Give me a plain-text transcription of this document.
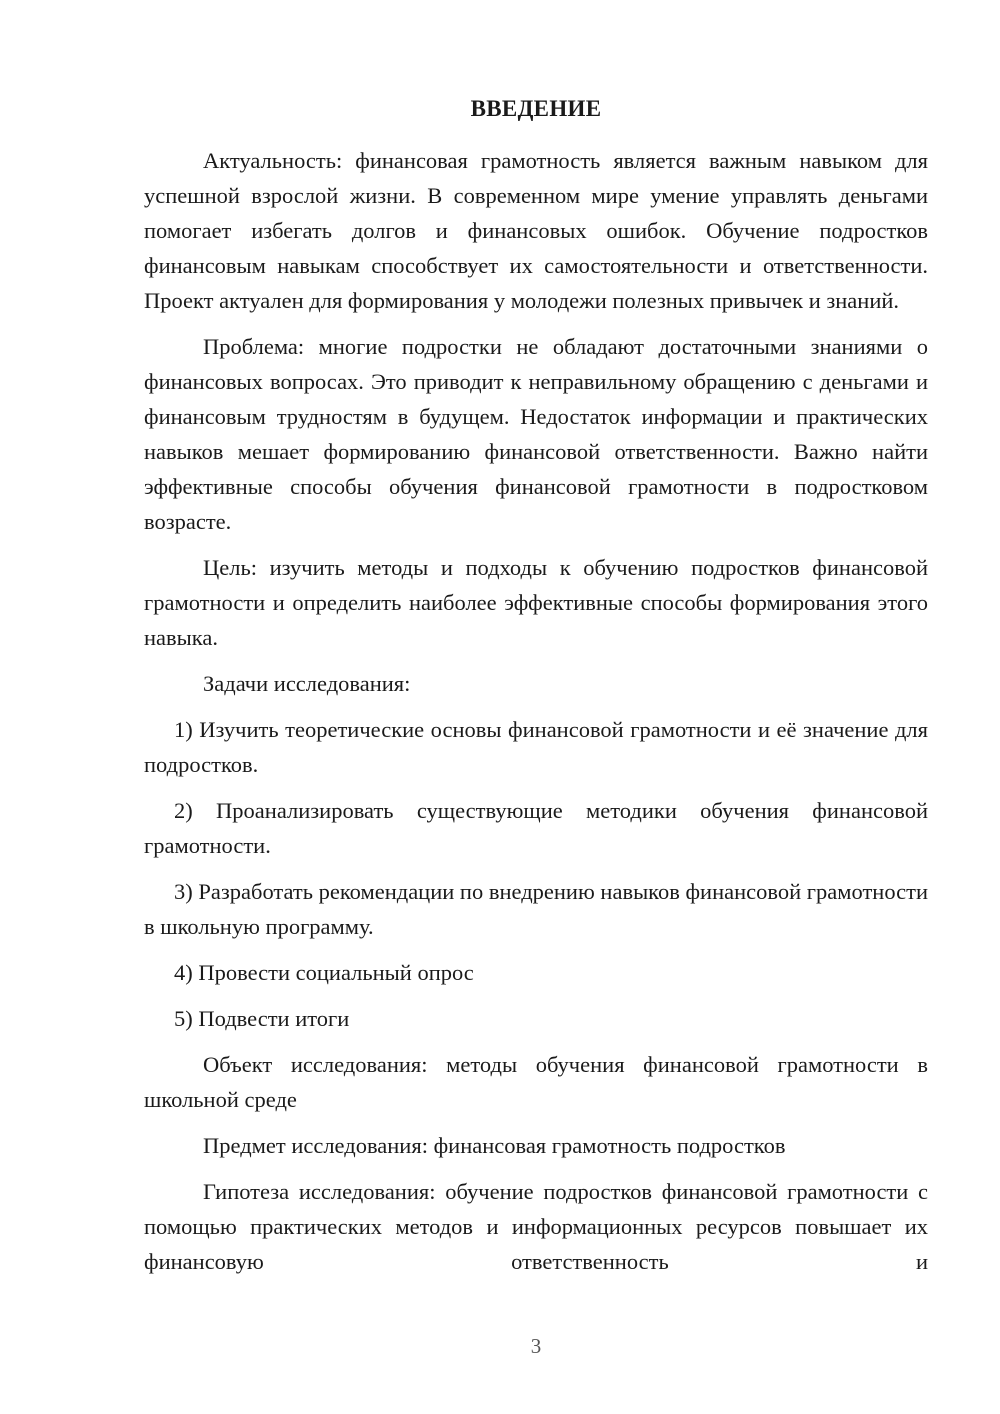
ВВЕДЕНИЕ

Актуальность: финансовая грамотность является важным навыком для успешной взрослой жизни. В современном мире умение управлять деньгами помогает избегать долгов и финансовых ошибок. Обучение подростков финансовым навыкам способствует их самостоятельности и ответственности. Проект актуален для формирования у молодежи полезных привычек и знаний.

Проблема: многие подростки не обладают достаточными знаниями о финансовых вопросах. Это приводит к неправильному обращению с деньгами и финансовым трудностям в будущем. Недостаток информации и практических навыков мешает формированию финансовой ответственности. Важно найти эффективные способы обучения финансовой грамотности в подростковом возрасте.

Цель: изучить методы и подходы к обучению подростков финансовой грамотности и определить наиболее эффективные способы формирования этого навыка.

Задачи исследования:

1) Изучить теоретические основы финансовой грамотности и её значение для подростков.

2) Проанализировать существующие методики обучения финансовой грамотности.

3) Разработать рекомендации по внедрению навыков финансовой грамотности в школьную программу.

4) Провести социальный опрос

5) Подвести итоги

Объект исследования: методы обучения финансовой грамотности в школьной среде

Предмет исследования: финансовая грамотность подростков

Гипотеза исследования: обучение подростков финансовой грамотности с помощью практических методов и информационных ресурсов повышает их финансовую ответственность и

3
